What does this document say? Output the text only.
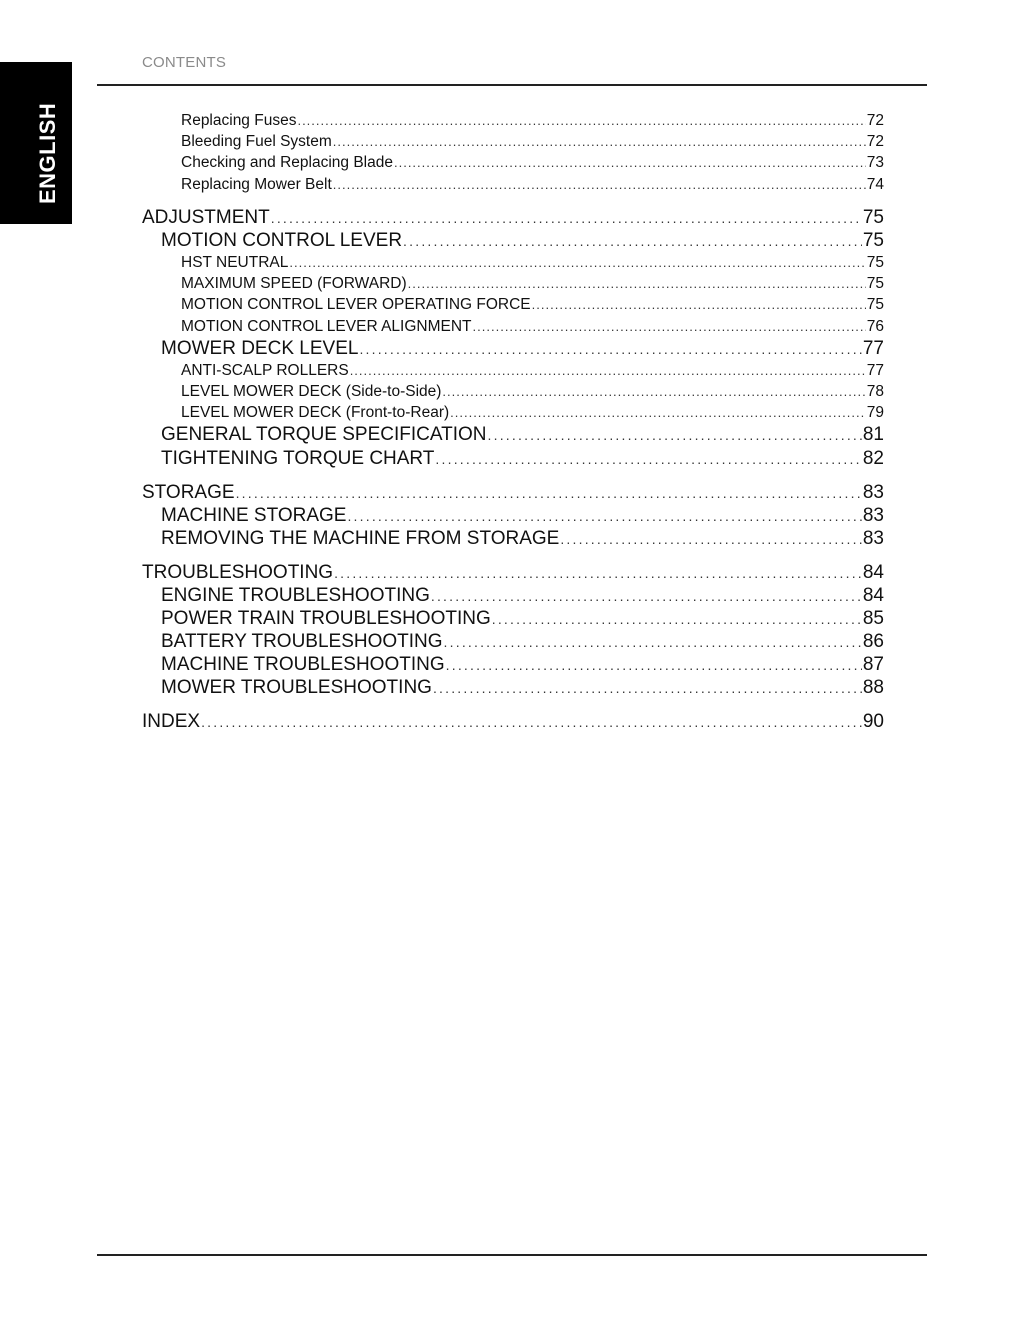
ENGLISH
CONTENTS
Replacing Fuses .....	72
Bleeding Fuel System .....	72
Checking and Replacing Blade .....	73
Replacing Mower Belt .....	74
ADJUSTMENT .....	75
MOTION CONTROL LEVER .....	75
HST NEUTRAL .....	75
MAXIMUM SPEED (FORWARD) .....	75
MOTION CONTROL LEVER OPERATING FORCE .....	75
MOTION CONTROL LEVER ALIGNMENT .....	76
MOWER DECK LEVEL .....	77
ANTI-SCALP ROLLERS .....	77
LEVEL MOWER DECK (Side-to-Side) .....	78
LEVEL MOWER DECK (Front-to-Rear) .....	79
GENERAL TORQUE SPECIFICATION .....	81
TIGHTENING TORQUE CHART .....	82
STORAGE .....	83
MACHINE STORAGE .....	83
REMOVING THE MACHINE FROM STORAGE .....	83
TROUBLESHOOTING .....	84
ENGINE TROUBLESHOOTING .....	84
POWER TRAIN TROUBLESHOOTING .....	85
BATTERY TROUBLESHOOTING .....	86
MACHINE TROUBLESHOOTING .....	87
MOWER TROUBLESHOOTING .....	88
INDEX .....	90
